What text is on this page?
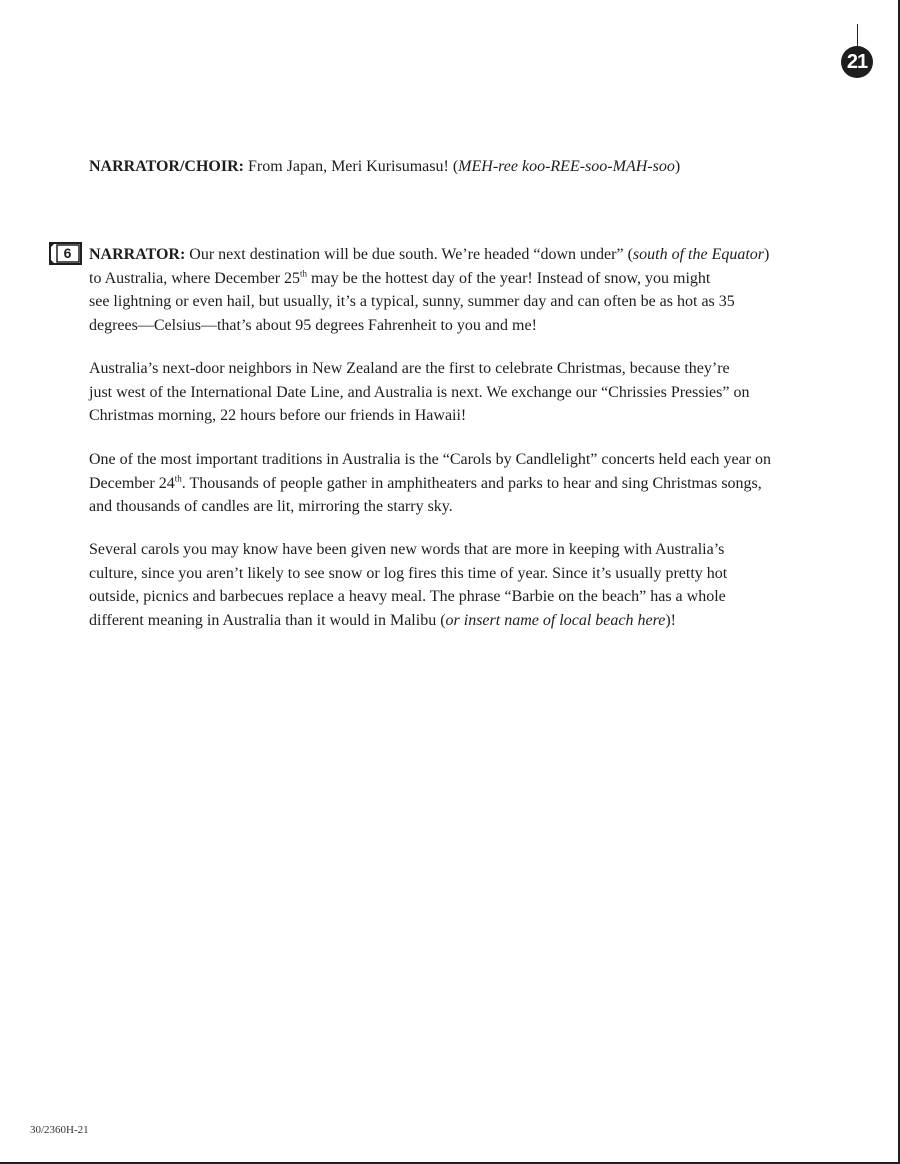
21
NARRATOR/CHOIR: From Japan, Meri Kurisumasu! (MEH-ree koo-REE-soo-MAH-soo)
6	NARRATOR: Our next destination will be due south. We’re headed “down under” (south of the Equator)
to Australia, where December 25th may be the hottest day of the year! Instead of snow, you might
see lightning or even hail, but usually, it’s a typical, sunny, summer day and can often be as hot as 35
degrees—Celsius—that’s about 95 degrees Fahrenheit to you and me!
Australia’s next-door neighbors in New Zealand are the first to celebrate Christmas, because they’re
just west of the International Date Line, and Australia is next. We exchange our “Chrissies Pressies” on
Christmas morning, 22 hours before our friends in Hawaii!
One of the most important traditions in Australia is the “Carols by Candlelight” concerts held each year on
December 24th. Thousands of people gather in amphitheaters and parks to hear and sing Christmas songs,
and thousands of candles are lit, mirroring the starry sky.
Several carols you may know have been given new words that are more in keeping with Australia’s
culture, since you aren’t likely to see snow or log fires this time of year. Since it’s usually pretty hot
outside, picnics and barbecues replace a heavy meal. The phrase “Barbie on the beach” has a whole
different meaning in Australia than it would in Malibu (or insert name of local beach here)!
30/2360H-21
